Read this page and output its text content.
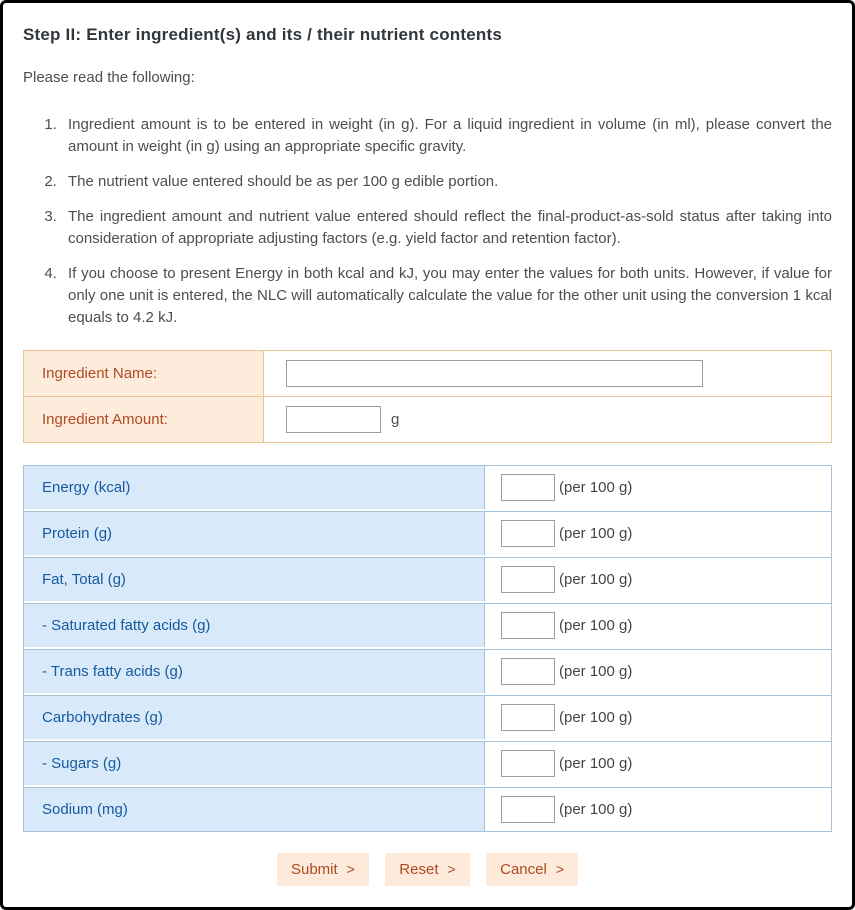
Step II: Enter ingredient(s) and its / their nutrient contents
Please read the following:
1. Ingredient amount is to be entered in weight (in g). For a liquid ingredient in volume (in ml), please convert the amount in weight (in g) using an appropriate specific gravity.
2. The nutrient value entered should be as per 100 g edible portion.
3. The ingredient amount and nutrient value entered should reflect the final-product-as-sold status after taking into consideration of appropriate adjusting factors (e.g. yield factor and retention factor).
4. If you choose to present Energy in both kcal and kJ, you may enter the values for both units. However, if value for only one unit is entered, the NLC will automatically calculate the value for the other unit using the conversion 1 kcal equals to 4.2 kJ.
Ingredient Name:
Ingredient Amount:	g
Energy (kcal)	(per 100 g)
Protein (g)	(per 100 g)
Fat, Total (g)	(per 100 g)
- Saturated fatty acids (g)	(per 100 g)
- Trans fatty acids (g)	(per 100 g)
Carbohydrates (g)	(per 100 g)
- Sugars (g)	(per 100 g)
Sodium (mg)	(per 100 g)
Submit >	Reset >	Cancel >
